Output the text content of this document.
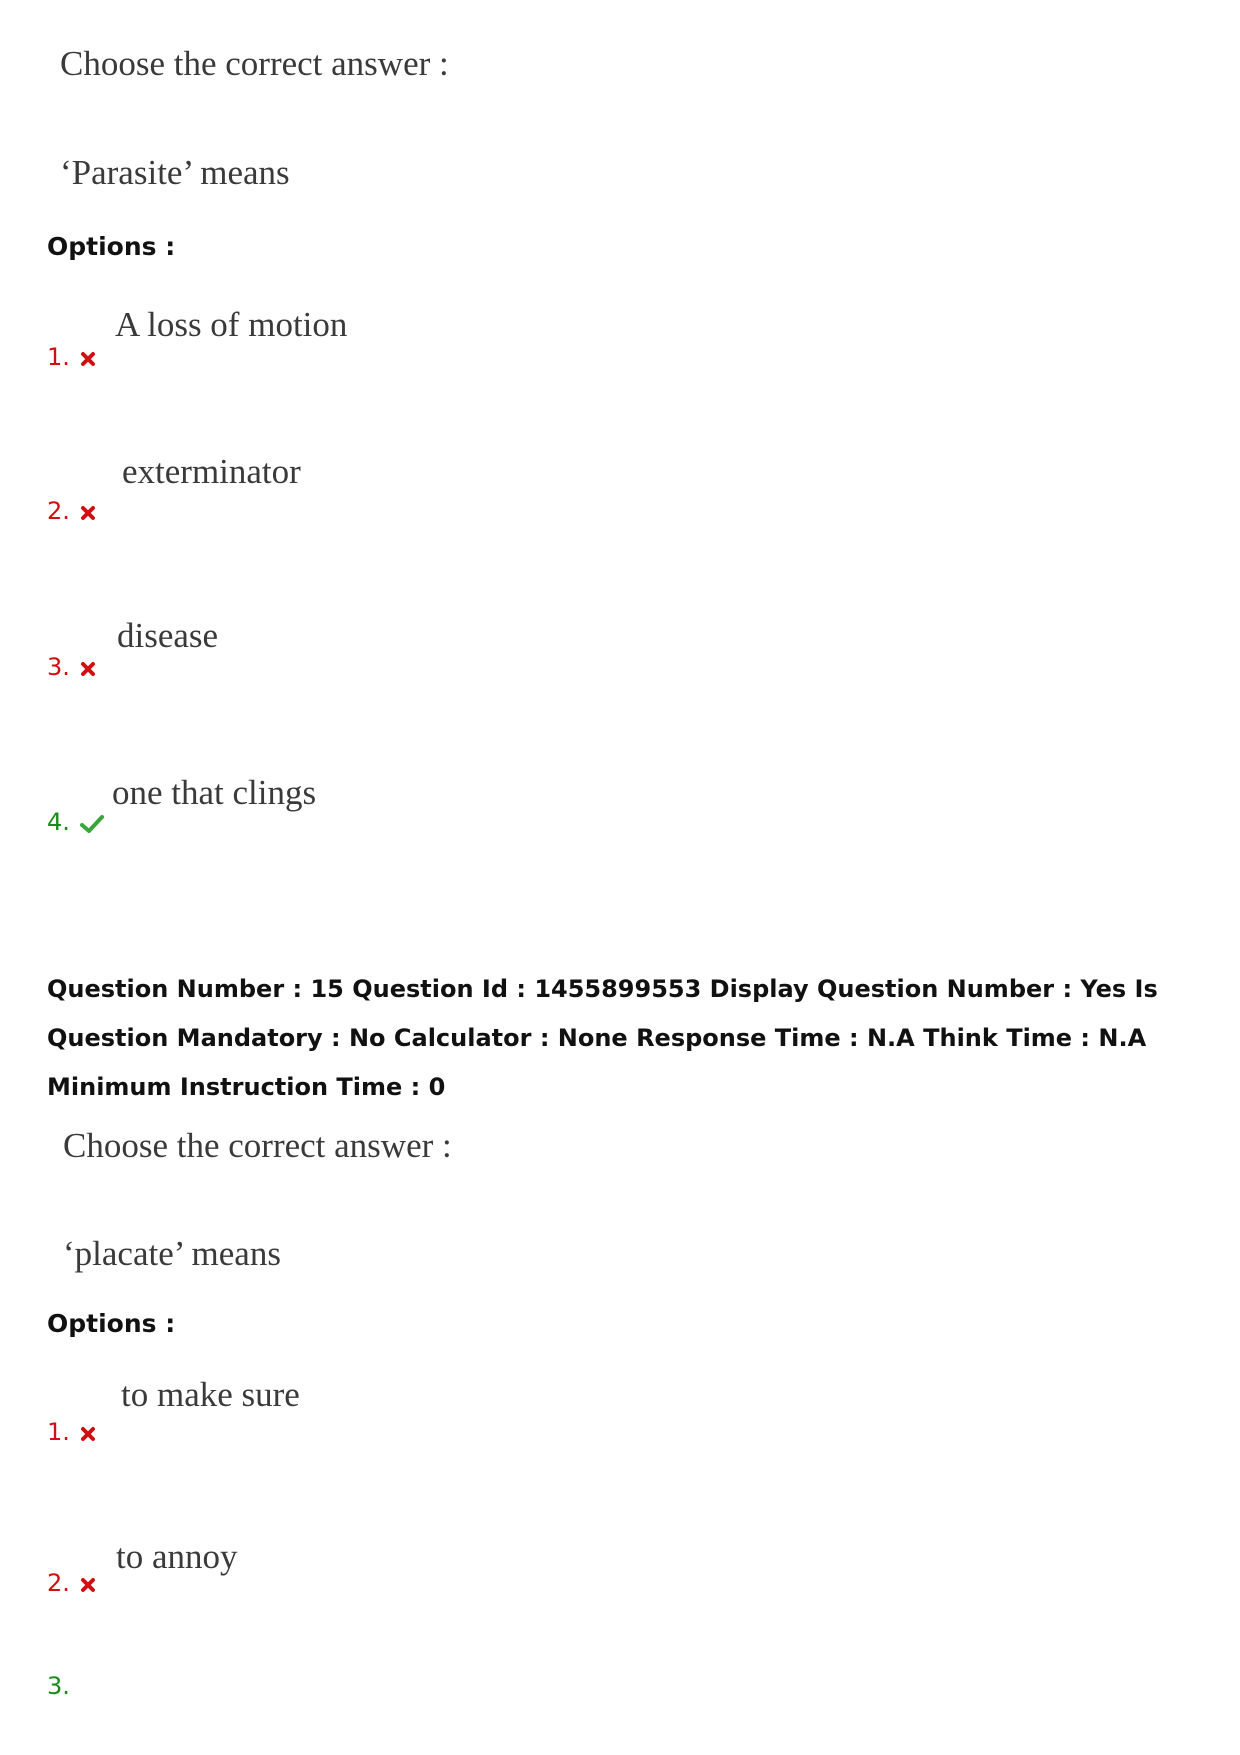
Choose the correct answer :
‘Parasite’ means
Options :
A loss of motion
1.
exterminator
2.
disease
3.
one that clings
4.
Question Number : 15 Question Id : 1455899553 Display Question Number : Yes Is Question Mandatory : No Calculator : None Response Time : N.A Think Time : N.A Minimum Instruction Time : 0
Choose the correct answer :
‘placate’ means
Options :
to make sure
1.
to annoy
2.
3.
